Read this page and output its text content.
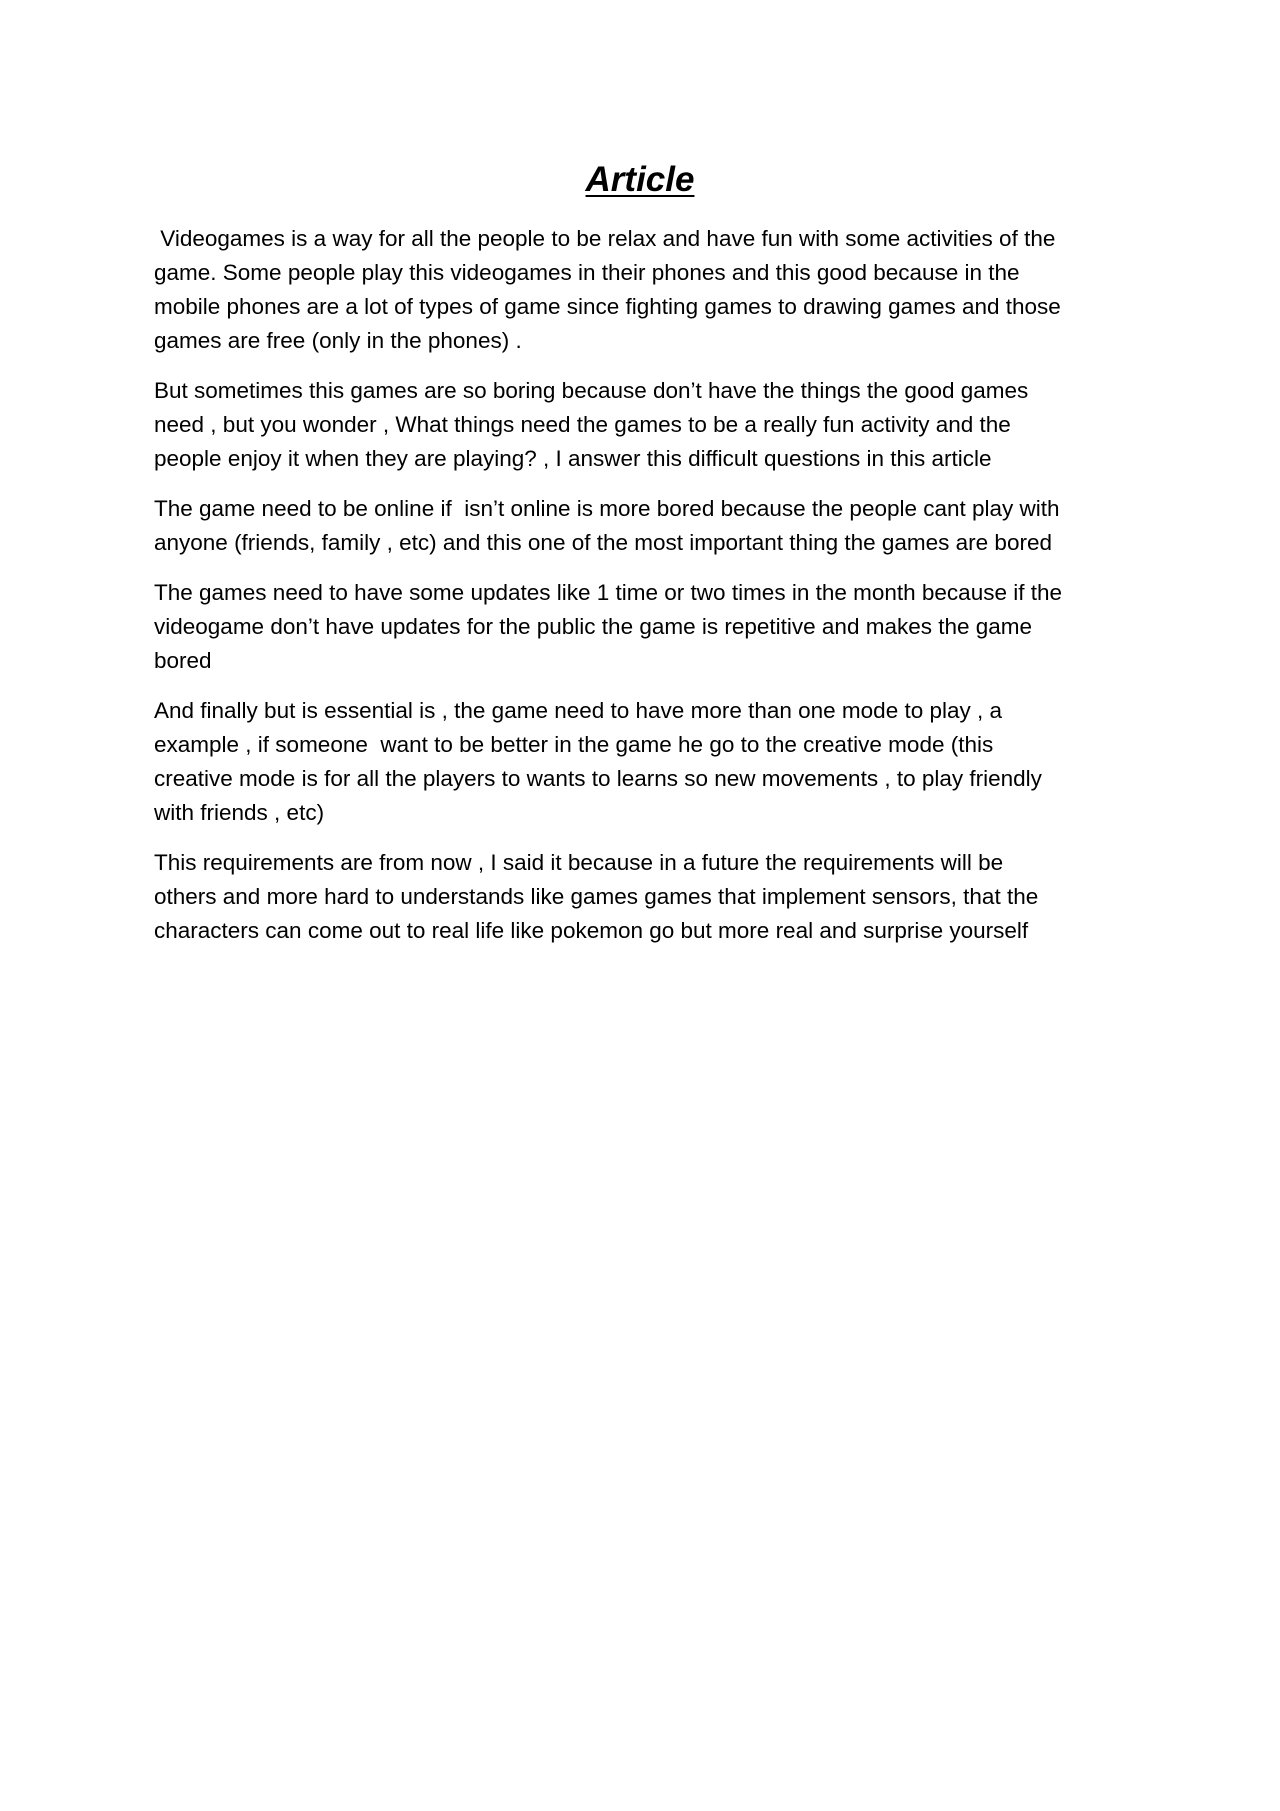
Article

Videogames is a way for all the people to be relax and have fun with some activities of the
game. Some people play this videogames in their phones and this good because in the
mobile phones are a lot of types of game since fighting games to drawing games and those
games are free (only in the phones) .

But sometimes this games are so boring because don’t have the things the good games
need , but you wonder , What things need the games to be a really fun activity and the
people enjoy it when they are playing? , I answer this difficult questions in this article

The game need to be online if  isn’t online is more bored because the people cant play with
anyone (friends, family , etc) and this one of the most important thing the games are bored

The games need to have some updates like 1 time or two times in the month because if the
videogame don’t have updates for the public the game is repetitive and makes the game
bored

And finally but is essential is , the game need to have more than one mode to play , a
example , if someone  want to be better in the game he go to the creative mode (this
creative mode is for all the players to wants to learns so new movements , to play friendly
with friends , etc)

This requirements are from now , I said it because in a future the requirements will be
others and more hard to understands like games games that implement sensors, that the
characters can come out to real life like pokemon go but more real and surprise yourself
